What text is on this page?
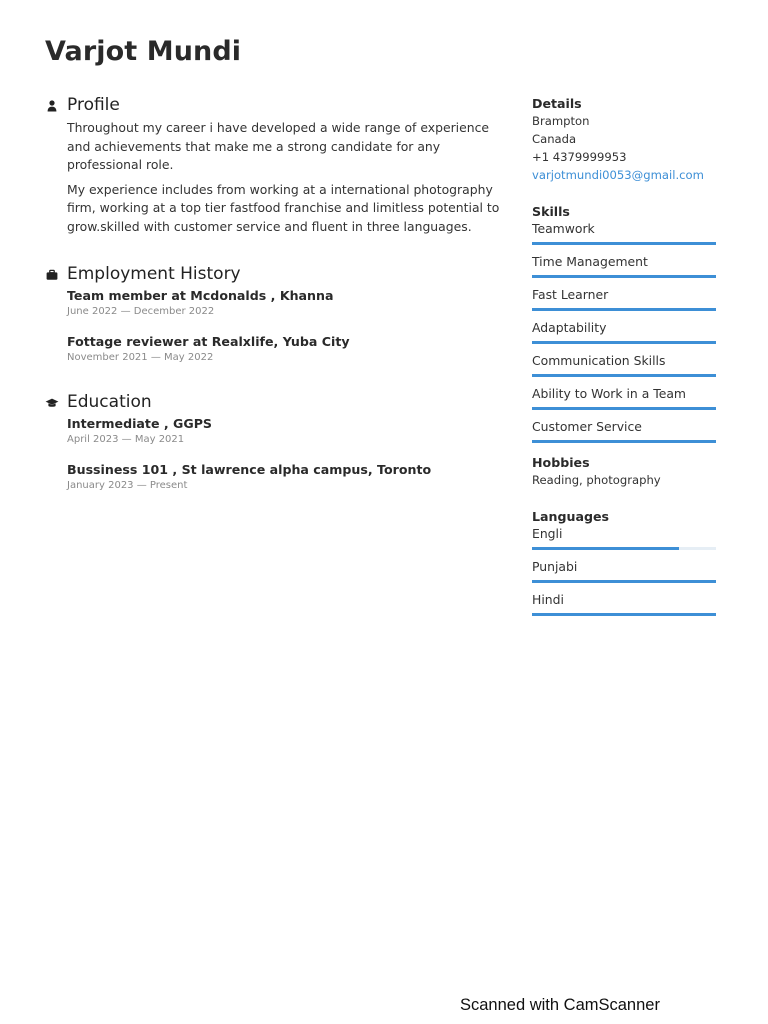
Varjot Mundi
Profile

Throughout my career i have developed a wide range of experience and achievements that make me a strong candidate for any professional role.

My experience includes from working at a international photography firm, working at a top tier fastfood franchise and limitless potential to grow.skilled with customer service and fluent in three languages.

Employment History
Team member at Mcdonalds , Khanna
June 2022 — December 2022
Fottage reviewer at Realxlife, Yuba City
November 2021 — May 2022
Education
Intermediate , GGPS
April 2023 — May 2021
Bussiness 101 , St lawrence alpha campus, Toronto
January 2023 — Present
Details
Brampton
Canada
+1 4379999953
varjotmundi0053@gmail.com
Skills
Teamwork
Time Management
Fast Learner
Adaptability
Communication Skills
Ability to Work in a Team
Customer Service
Hobbies
Reading, photography
Languages
Engli
Punjabi
Hindi
Scanned with CamScanner
